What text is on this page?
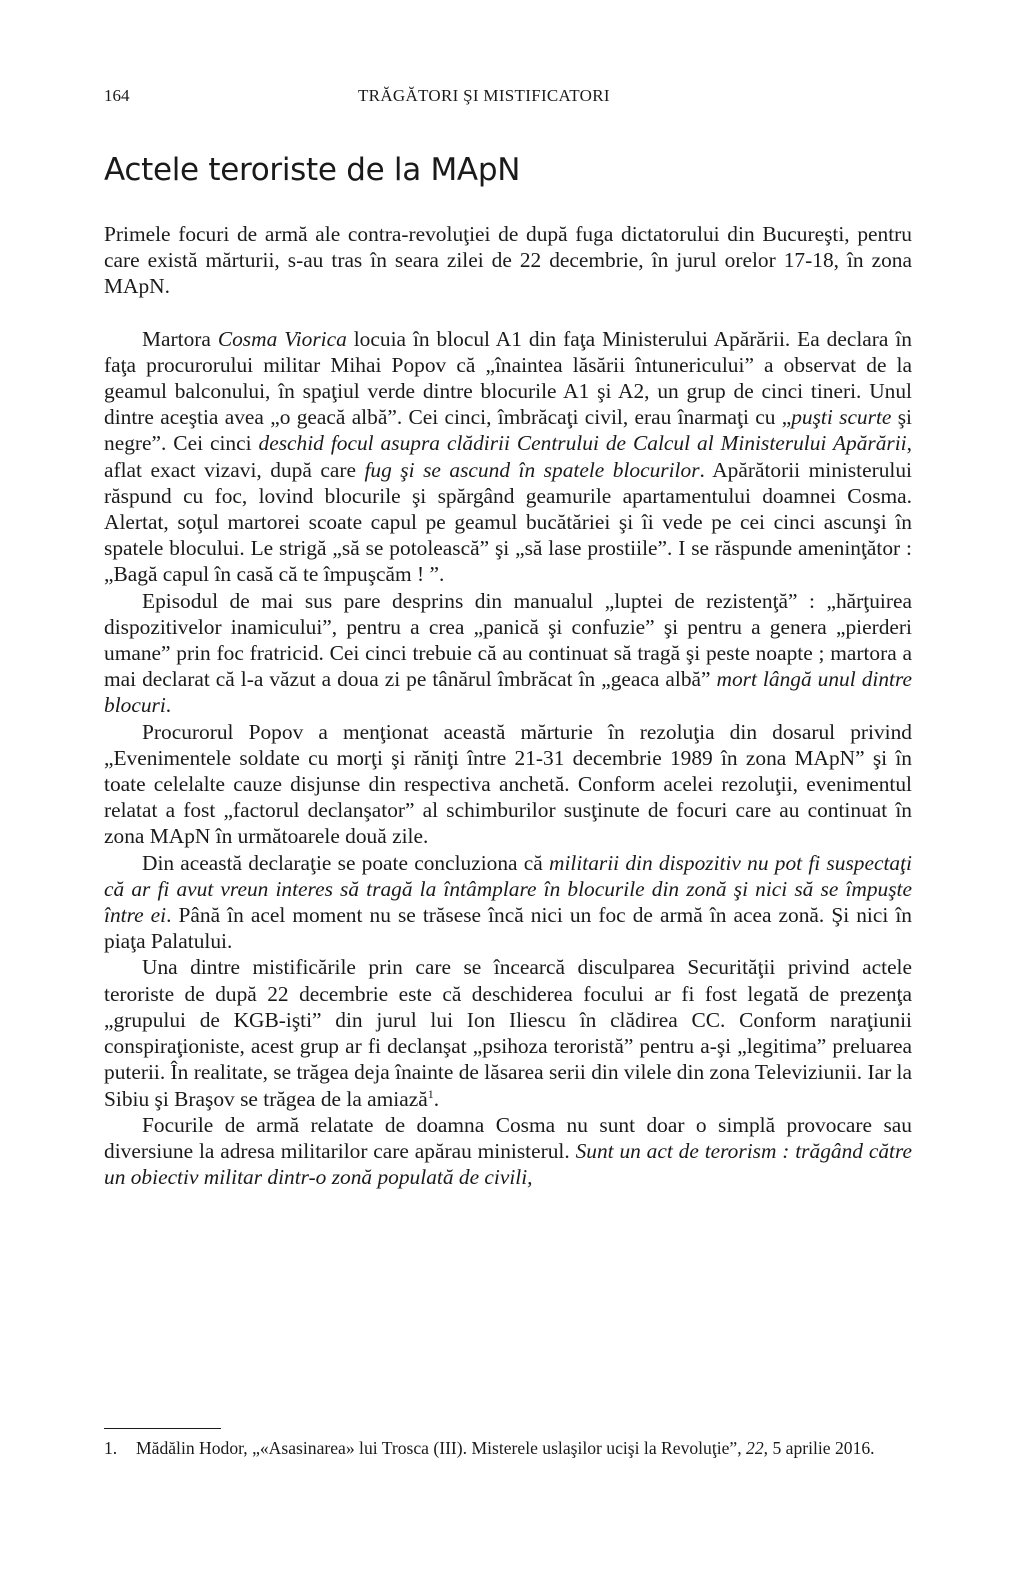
164	TRĂGĂTORI ŞI MISTIFICATORI
Actele teroriste de la MApN

Primele focuri de armă ale contra-revoluţiei de după fuga dictatorului din Bucureşti, pentru care există mărturii, s-au tras în seara zilei de 22 decembrie, în jurul orelor 17-18, în zona MApN.

Martora Cosma Viorica locuia în blocul A1 din faţa Ministerului Apărării. Ea declara în faţa procurorului militar Mihai Popov că „înaintea lăsării întunericului” a observat de la geamul balconului, în spaţiul verde dintre blocurile A1 şi A2, un grup de cinci tineri. Unul dintre aceştia avea „o geacă albă”. Cei cinci, îmbrăcaţi civil, erau înarmaţi cu „puşti scurte şi negre”. Cei cinci deschid focul asupra clădirii Centrului de Calcul al Ministerului Apărării, aflat exact vizavi, după care fug şi se ascund în spatele blocurilor. Apărătorii ministerului răspund cu foc, lovind blocurile şi spărgând geamurile apartamentului doamnei Cosma. Alertat, soţul martorei scoate capul pe geamul bucătăriei şi îi vede pe cei cinci ascunşi în spatele blocului. Le strigă „să se potolească” şi „să lase prostiile”. I se răspunde ameninţător : „Bagă capul în casă că te împuşcăm ! ”.

Episodul de mai sus pare desprins din manualul „luptei de rezistenţă” : „hărţuirea dispozitivelor inamicului”, pentru a crea „panică şi confuzie” şi pentru a genera „pierderi umane” prin foc fratricid. Cei cinci trebuie că au continuat să tragă şi peste noapte ; martora a mai declarat că l-a văzut a doua zi pe tânărul îmbrăcat în „geaca albă” mort lângă unul dintre blocuri.

Procurorul Popov a menţionat această mărturie în rezoluţia din dosarul privind „Evenimentele soldate cu morţi şi răniţi între 21-31 decembrie 1989 în zona MApN” şi în toate celelalte cauze disjunse din respectiva anchetă. Conform acelei rezoluţii, evenimentul relatat a fost „factorul declanşator” al schimburilor susţinute de focuri care au continuat în zona MApN în următoarele două zile.

Din această declaraţie se poate concluziona că militarii din dispozitiv nu pot fi suspectaţi că ar fi avut vreun interes să tragă la întâmplare în blocurile din zonă şi nici să se împuşte între ei. Până în acel moment nu se trăsese încă nici un foc de armă în acea zonă. Şi nici în piaţa Palatului.

Una dintre mistificările prin care se încearcă disculparea Securităţii privind actele teroriste de după 22 decembrie este că deschiderea focului ar fi fost legată de prezenţa „grupului de KGB-işti” din jurul lui Ion Iliescu în clădirea CC. Conform naraţiunii conspiraţioniste, acest grup ar fi declanşat „psihoza teroristă” pentru a-şi „legitima” preluarea puterii. În realitate, se trăgea deja înainte de lăsarea serii din vilele din zona Televiziunii. Iar la Sibiu şi Braşov se trăgea de la amiază$^1$.

Focurile de armă relatate de doamna Cosma nu sunt doar o simplă provocare sau diversiune la adresa militarilor care apărau ministerul. Sunt un act de terorism : trăgând către un obiectiv militar dintr-o zonă populată de civili,

1. Mădălin Hodor, „«Asasinarea» lui Trosca (III). Misterele uslaşilor ucişi la Revoluţie”, 22, 5 aprilie 2016.
